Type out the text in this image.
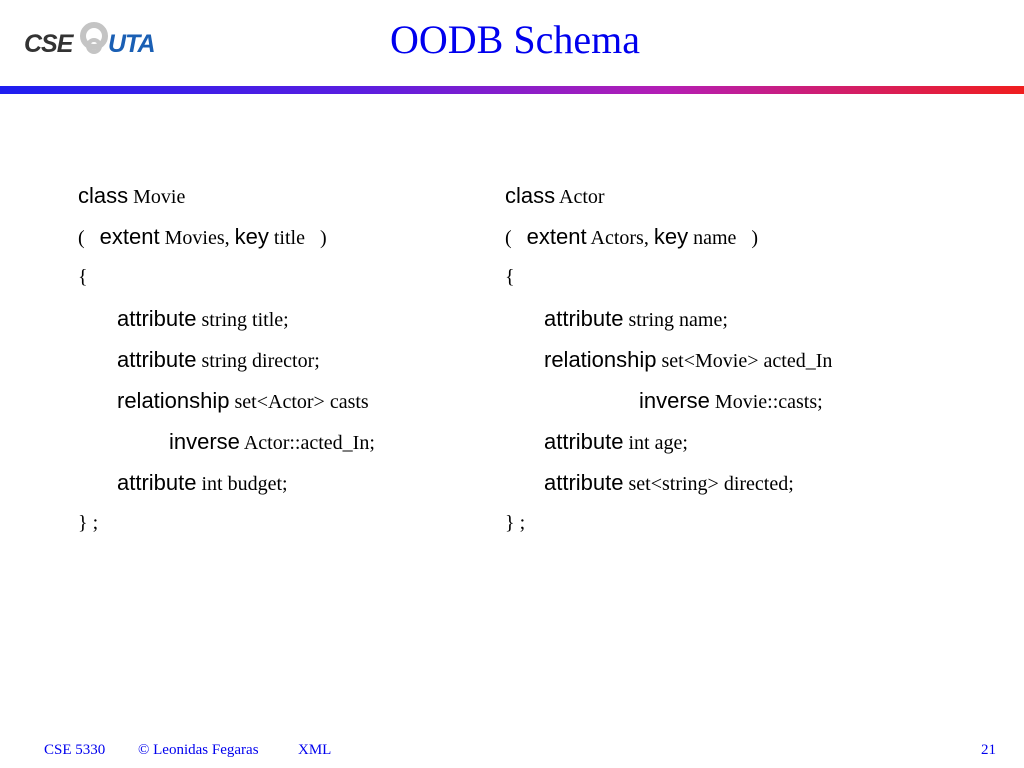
CSE UTA	OODB Schema
class Movie
(   extent Movies, key title   )
{
attribute string title;
attribute string director;
relationship set<Actor> casts
inverse Actor::acted_In;
attribute int budget;
} ;
class Actor
(   extent Actors, key name   )
{
attribute string name;
relationship set<Movie> acted_In
inverse Movie::casts;
attribute int age;
attribute set<string> directed;
} ;
CSE 5330 © Leonidas Fegaras	XML	21
